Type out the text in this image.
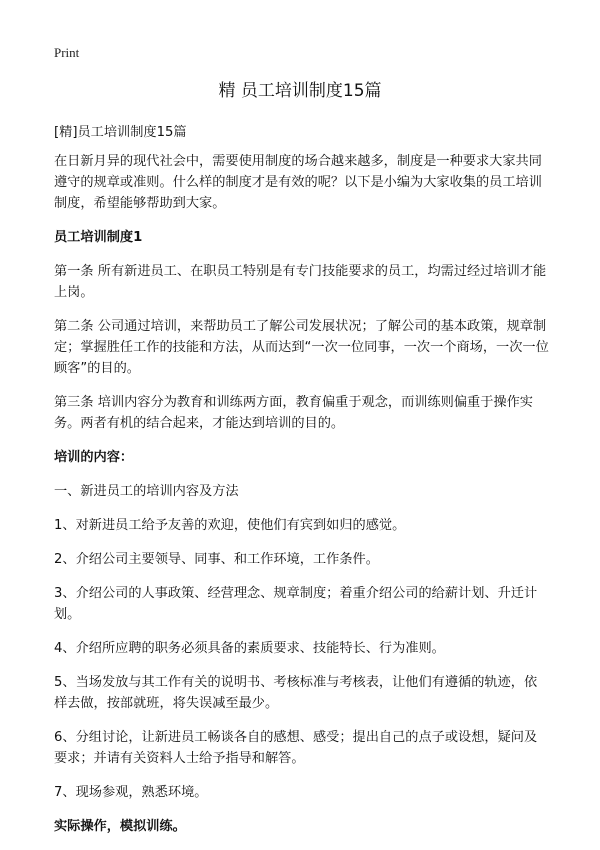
Print
精 员工培训制度15篇

[精]员工培训制度15篇

在日新月异的现代社会中，需要使用制度的场合越来越多，制度是一种要求大家共同遵守的规章或准则。什么样的制度才是有效的呢？以下是小编为大家收集的员工培训制度，希望能够帮助到大家。

员工培训制度1

第一条 所有新进员工、在职员工特别是有专门技能要求的员工，均需过经过培训才能上岗。

第二条 公司通过培训，来帮助员工了解公司发展状况；了解公司的基本政策，规章制定；掌握胜任工作的技能和方法，从而达到“一次一位同事，一次一个商场，一次一位顾客”的目的。

第三条 培训内容分为教育和训练两方面，教育偏重于观念，而训练则偏重于操作实务。两者有机的结合起来，才能达到培训的目的。

培训的内容：

一、新进员工的培训内容及方法

1、对新进员工给予友善的欢迎，使他们有宾到如归的感觉。

2、介绍公司主要领导、同事、和工作环境，工作条件。

3、介绍公司的人事政策、经营理念、规章制度；着重介绍公司的给薪计划、升迁计划。

4、介绍所应聘的职务必须具备的素质要求、技能特长、行为准则。

5、当场发放与其工作有关的说明书、考核标准与考核表，让他们有遵循的轨迹，依样去做，按部就班，将失误减至最少。

6、分组讨论，让新进员工畅谈各自的感想、感受；提出自己的点子或设想，疑问及要求；并请有关资料人士给予指导和解答。

7、现场参观，熟悉环境。

实际操作，模拟训练。
